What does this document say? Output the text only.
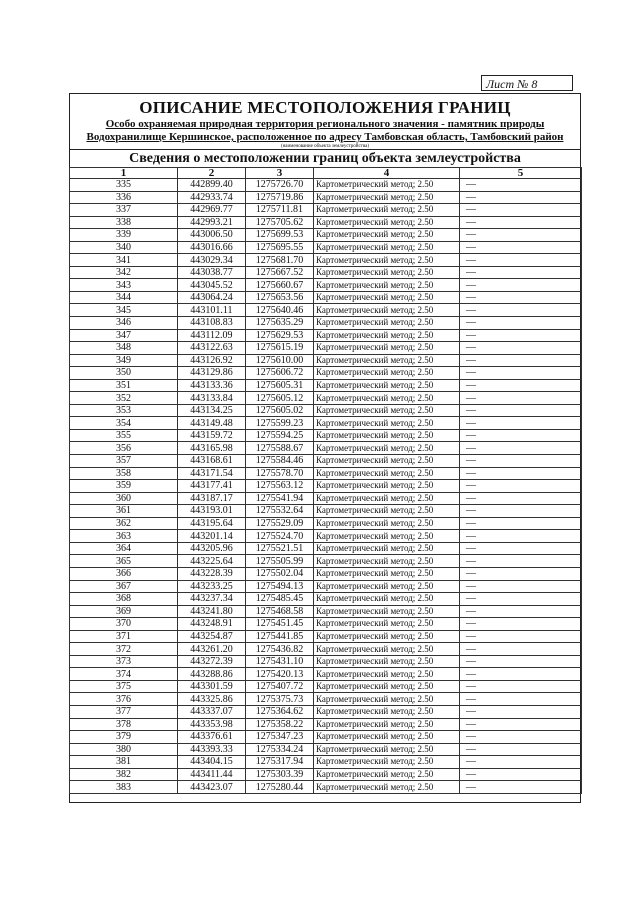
Лист № 8
ОПИСАНИЕ МЕСТОПОЛОЖЕНИЯ ГРАНИЦ
Особо охраняемая природная территория регионального значения - памятник природы
Водохранилище Кершинское, расположенное по адресу Тамбовская область, Тамбовский район
(наименование объекта землеустройства)
Сведения о местоположении границ объекта землеустройства
1	2	3	4	5
335	442899.40	1275726.70	Картометрический метод; 2.50	—
336	442933.74	1275719.86	Картометрический метод; 2.50	—
337	442969.77	1275711.81	Картометрический метод; 2.50	—
338	442993.21	1275705.62	Картометрический метод; 2.50	—
339	443006.50	1275699.53	Картометрический метод; 2.50	—
340	443016.66	1275695.55	Картометрический метод; 2.50	—
341	443029.34	1275681.70	Картометрический метод; 2.50	—
342	443038.77	1275667.52	Картометрический метод; 2.50	—
343	443045.52	1275660.67	Картометрический метод; 2.50	—
344	443064.24	1275653.56	Картометрический метод; 2.50	—
345	443101.11	1275640.46	Картометрический метод; 2.50	—
346	443108.83	1275635.29	Картометрический метод; 2.50	—
347	443112.09	1275629.53	Картометрический метод; 2.50	—
348	443122.63	1275615.19	Картометрический метод; 2.50	—
349	443126.92	1275610.00	Картометрический метод; 2.50	—
350	443129.86	1275606.72	Картометрический метод; 2.50	—
351	443133.36	1275605.31	Картометрический метод; 2.50	—
352	443133.84	1275605.12	Картометрический метод; 2.50	—
353	443134.25	1275605.02	Картометрический метод; 2.50	—
354	443149.48	1275599.23	Картометрический метод; 2.50	—
355	443159.72	1275594.25	Картометрический метод; 2.50	—
356	443165.98	1275588.67	Картометрический метод; 2.50	—
357	443168.61	1275584.46	Картометрический метод; 2.50	—
358	443171.54	1275578.70	Картометрический метод; 2.50	—
359	443177.41	1275563.12	Картометрический метод; 2.50	—
360	443187.17	1275541.94	Картометрический метод; 2.50	—
361	443193.01	1275532.64	Картометрический метод; 2.50	—
362	443195.64	1275529.09	Картометрический метод; 2.50	—
363	443201.14	1275524.70	Картометрический метод; 2.50	—
364	443205.96	1275521.51	Картометрический метод; 2.50	—
365	443225.64	1275505.99	Картометрический метод; 2.50	—
366	443228.39	1275502.04	Картометрический метод; 2.50	—
367	443233.25	1275494.13	Картометрический метод; 2.50	—
368	443237.34	1275485.45	Картометрический метод; 2.50	—
369	443241.80	1275468.58	Картометрический метод; 2.50	—
370	443248.91	1275451.45	Картометрический метод; 2.50	—
371	443254.87	1275441.85	Картометрический метод; 2.50	—
372	443261.20	1275436.82	Картометрический метод; 2.50	—
373	443272.39	1275431.10	Картометрический метод; 2.50	—
374	443288.86	1275420.13	Картометрический метод; 2.50	—
375	443301.59	1275407.72	Картометрический метод; 2.50	—
376	443325.86	1275375.73	Картометрический метод; 2.50	—
377	443337.07	1275364.62	Картометрический метод; 2.50	—
378	443353.98	1275358.22	Картометрический метод; 2.50	—
379	443376.61	1275347.23	Картометрический метод; 2.50	—
380	443393.33	1275334.24	Картометрический метод; 2.50	—
381	443404.15	1275317.94	Картометрический метод; 2.50	—
382	443411.44	1275303.39	Картометрический метод; 2.50	—
383	443423.07	1275280.44	Картометрический метод; 2.50	—
